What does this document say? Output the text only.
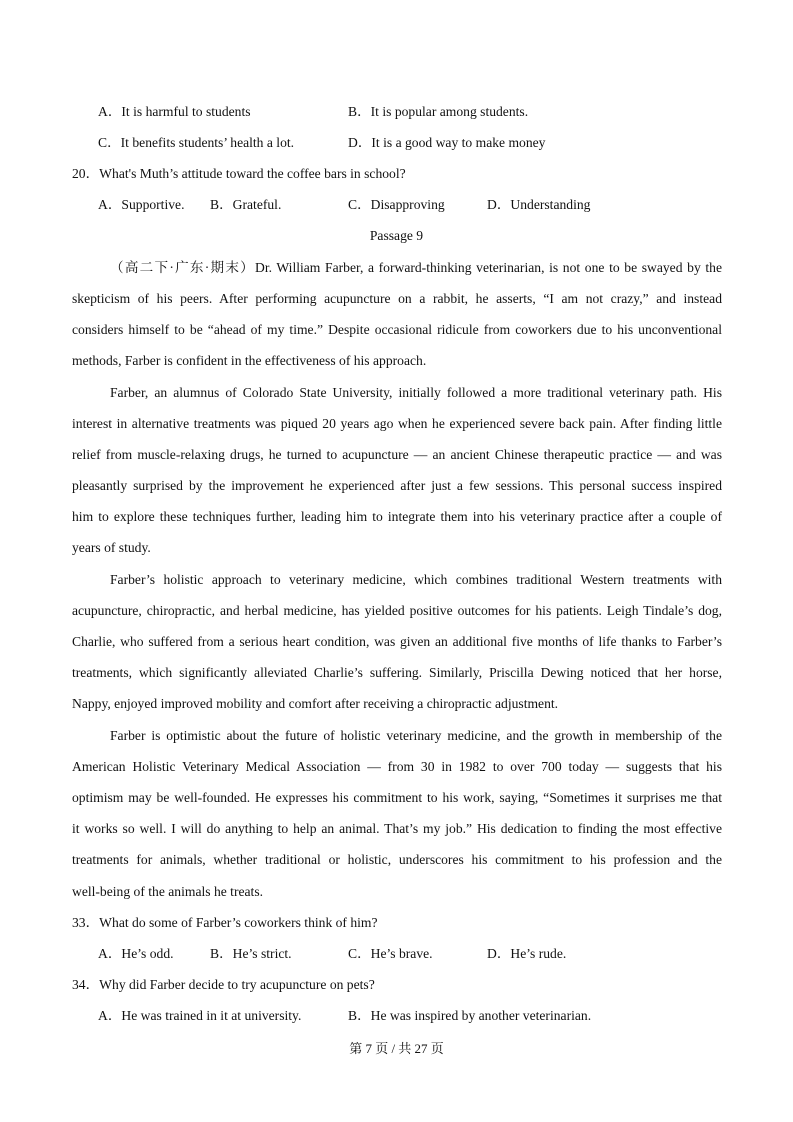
A．It is harmful to students	B．It is popular among students.
C．It benefits students’ health a lot.	D．It is a good way to make money
20．What's Muth’s attitude toward the coffee bars in school?
A．Supportive. B．Grateful.	C．Disapproving	D．Understanding
Passage 9
（高二下·广东·期末）Dr. William Farber, a forward-thinking veterinarian, is not one to be swayed by the
skepticism of his peers. After performing acupuncture on a rabbit, he asserts, “I am not crazy,” and instead
considers himself to be “ahead of my time.” Despite occasional ridicule from coworkers due to his unconventional
methods, Farber is confident in the effectiveness of his approach.
Farber, an alumnus of Colorado State University, initially followed a more traditional veterinary path. His
interest in alternative treatments was piqued 20 years ago when he experienced severe back pain. After finding little
relief from muscle-relaxing drugs, he turned to acupuncture — an ancient Chinese therapeutic practice — and was
pleasantly surprised by the improvement he experienced after just a few sessions. This personal success inspired
him to explore these techniques further, leading him to integrate them into his veterinary practice after a couple of
years of study.
Farber’s holistic approach to veterinary medicine, which combines traditional Western treatments with
acupuncture, chiropractic, and herbal medicine, has yielded positive outcomes for his patients. Leigh Tindale’s dog,
Charlie, who suffered from a serious heart condition, was given an additional five months of life thanks to Farber’s
treatments, which significantly alleviated Charlie’s suffering. Similarly, Priscilla Dewing noticed that her horse,
Nappy, enjoyed improved mobility and comfort after receiving a chiropractic adjustment.
Farber is optimistic about the future of holistic veterinary medicine, and the growth in membership of the
American Holistic Veterinary Medical Association — from 30 in 1982 to over 700 today — suggests that his
optimism may be well-founded. He expresses his commitment to his work, saying, “Sometimes it surprises me that
it works so well. I will do anything to help an animal. That’s my job.” His dedication to finding the most effective
treatments for animals, whether traditional or holistic, underscores his commitment to his profession and the
well-being of the animals he treats.
33．What do some of Farber’s coworkers think of him?
A．He’s odd.	B．He’s strict.	C．He’s brave.	D．He’s rude.
34．Why did Farber decide to try acupuncture on pets?
A．He was trained in it at university.	B．He was inspired by another veterinarian.
第 7 页 / 共 27 页
